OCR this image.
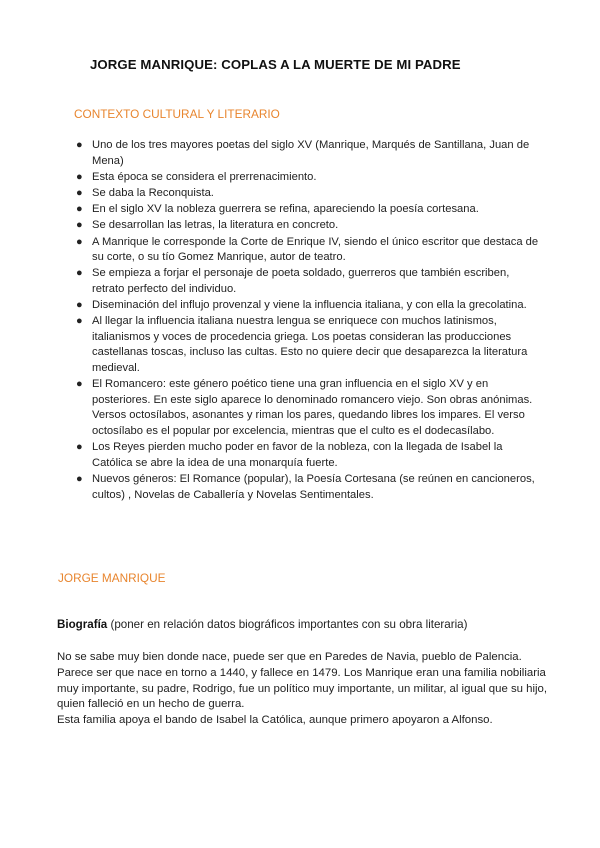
JORGE MANRIQUE: COPLAS A LA MUERTE DE MI PADRE
CONTEXTO CULTURAL Y LITERARIO
● Uno de los tres mayores poetas del siglo XV (Manrique, Marqués de Santillana, Juan de Mena)
● Esta época se considera el prerrenacimiento.
● Se daba la Reconquista.
● En el siglo XV la nobleza guerrera se refina, apareciendo la poesía cortesana.
● Se desarrollan las letras, la literatura en concreto.
● A Manrique le corresponde la Corte de Enrique IV, siendo el único escritor que destaca de su corte, o su tío Gomez Manrique, autor de teatro.
● Se empieza a forjar el personaje de poeta soldado, guerreros que también escriben, retrato perfecto del individuo.
● Diseminación del influjo provenzal y viene la influencia italiana, y con ella la grecolatina.
● Al llegar la influencia italiana nuestra lengua se enriquece con muchos latinismos, italianismos y voces de procedencia griega. Los poetas consideran las producciones castellanas toscas, incluso las cultas. Esto no quiere decir que desaparezca la literatura medieval.
● El Romancero: este género poético tiene una gran influencia en el siglo XV y en posteriores. En este siglo aparece lo denominado romancero viejo. Son obras anónimas. Versos octosílabos, asonantes y riman los pares, quedando libres los impares. El verso octosílabo es el popular por excelencia, mientras que el culto es el dodecasílabo.
● Los Reyes pierden mucho poder en favor de la nobleza, con la llegada de Isabel la Católica se abre la idea de una monarquía fuerte.
● Nuevos géneros: El Romance (popular), la Poesía Cortesana (se reúnen en cancioneros, cultos) , Novelas de Caballería y Novelas Sentimentales.
JORGE MANRIQUE
Biografía (poner en relación datos biográficos importantes con su obra literaria)

No se sabe muy bien donde nace, puede ser que en Paredes de Navia, pueblo de Palencia. Parece ser que nace en torno a 1440, y fallece en 1479. Los Manrique eran una familia nobiliaria muy importante, su padre, Rodrigo, fue un político muy importante, un militar, al igual que su hijo, quien falleció en un hecho de guerra.

Esta familia apoya el bando de Isabel la Católica, aunque primero apoyaron a Alfonso.
